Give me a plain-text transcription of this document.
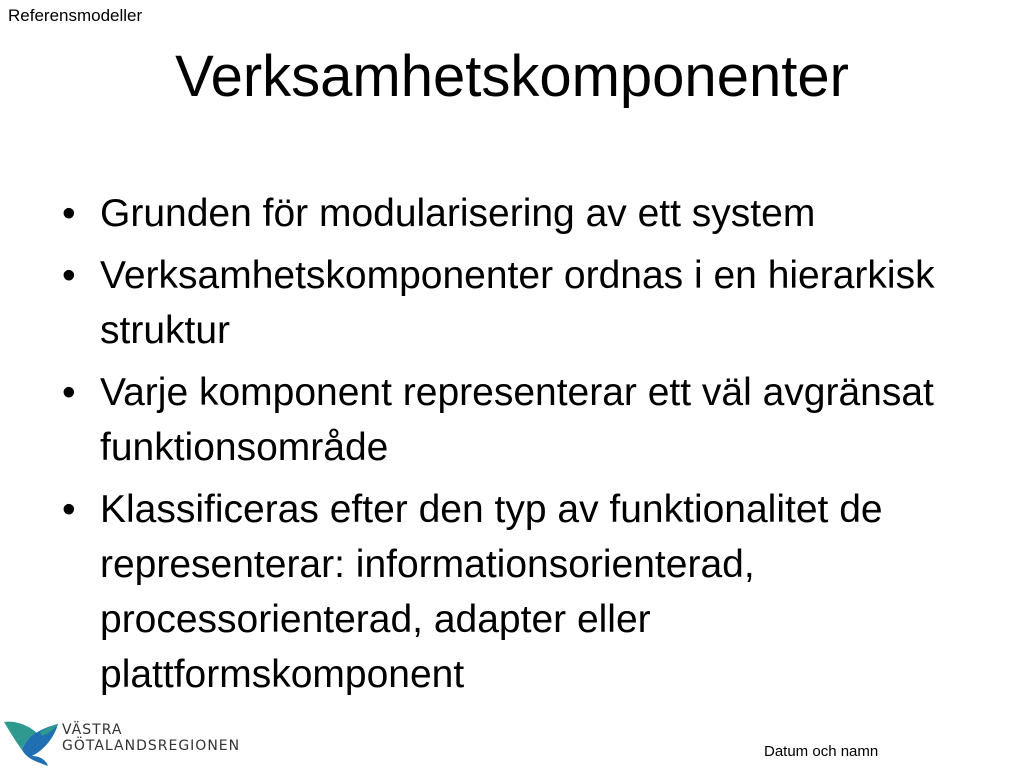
Referensmodeller
Verksamhetskomponenter
• Grunden för modularisering av ett system
• Verksamhetskomponenter ordnas i en hierarkisk struktur
• Varje komponent representerar ett väl avgränsat funktionsområde
• Klassificeras efter den typ av funktionalitet de representerar: informationsorienterad, processorienterad, adapter eller plattformskomponent
VÄSTRA
GÖTALANDSREGIONEN	Datum och namn
